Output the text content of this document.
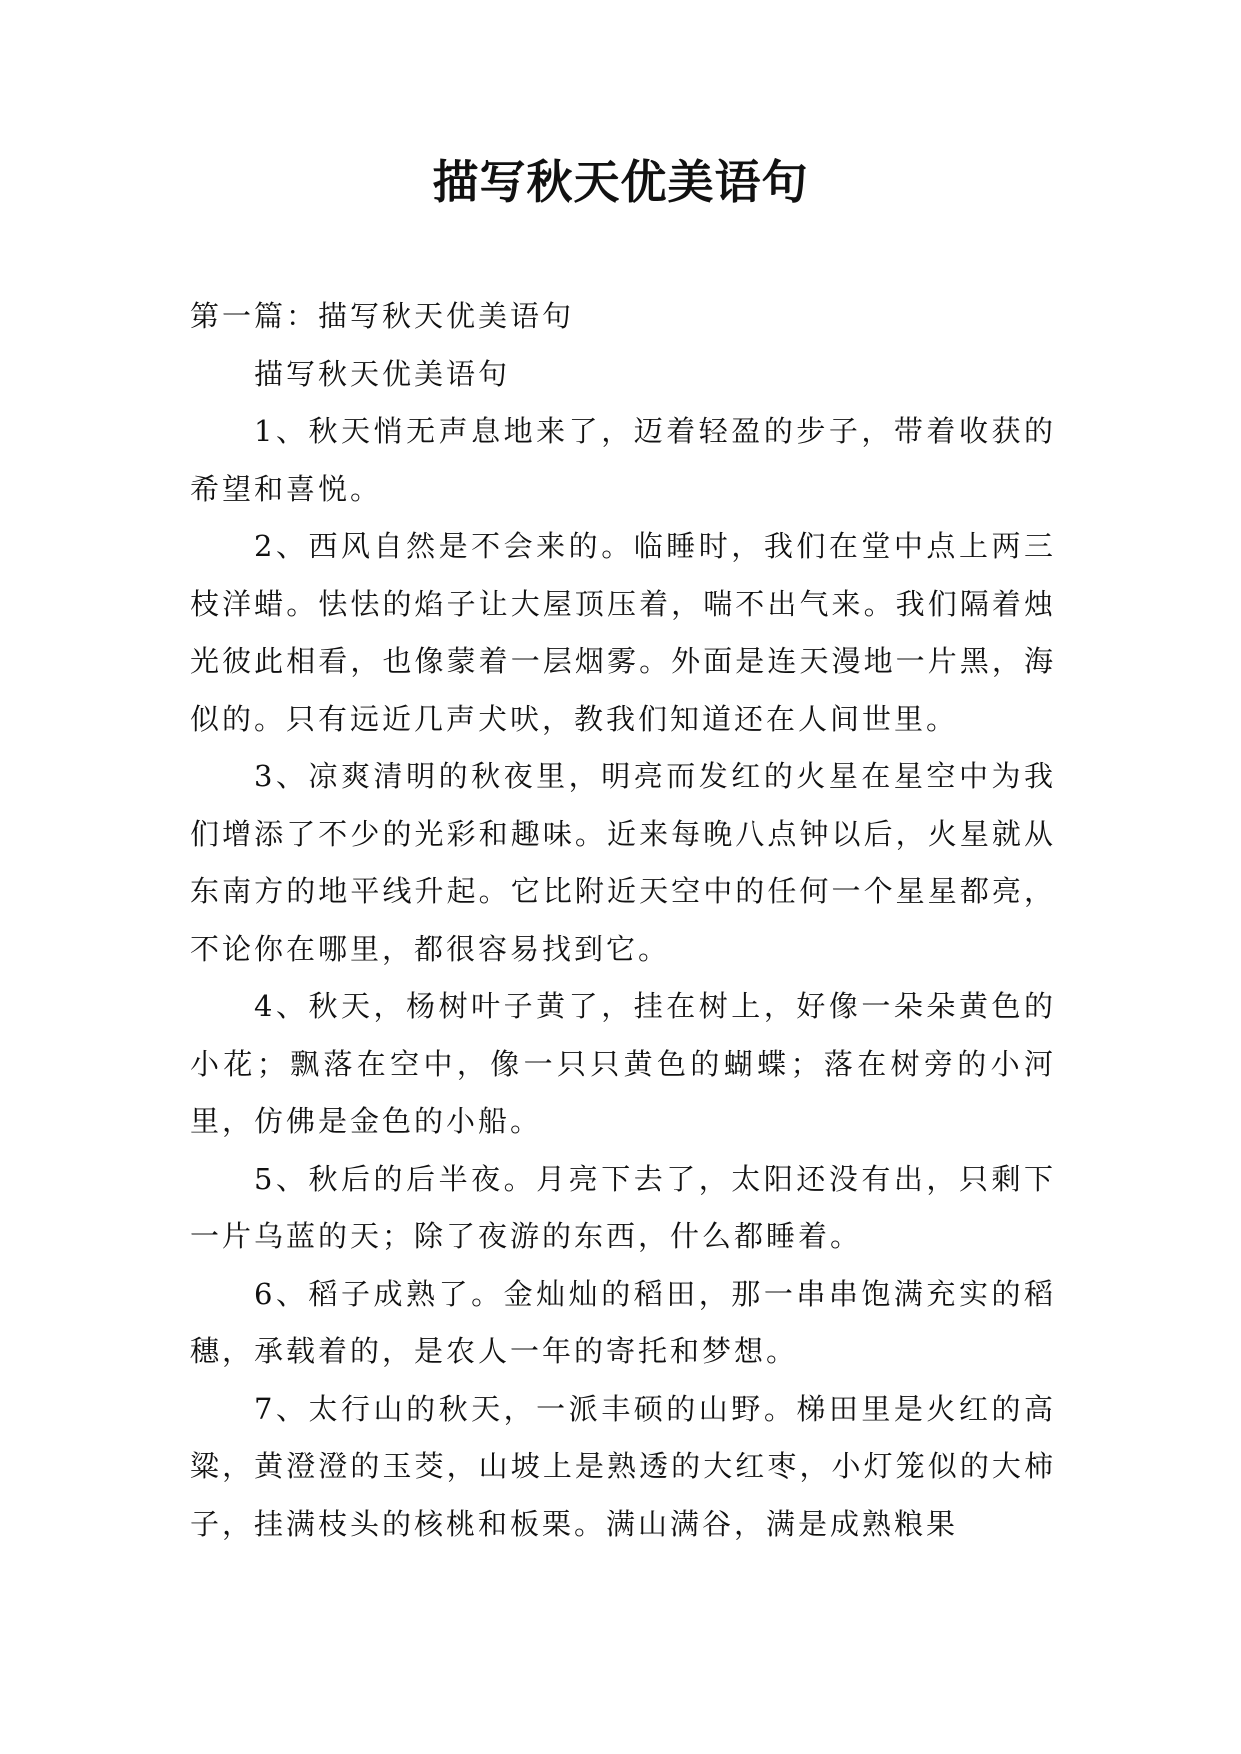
描写秋天优美语句

第一篇：描写秋天优美语句

描写秋天优美语句

1、秋天悄无声息地来了，迈着轻盈的步子，带着收获的希望和喜悦。

2、西风自然是不会来的。临睡时，我们在堂中点上两三枝洋蜡。怯怯的焰子让大屋顶压着，喘不出气来。我们隔着烛光彼此相看，也像蒙着一层烟雾。外面是连天漫地一片黑，海似的。只有远近几声犬吠，教我们知道还在人间世里。

3、凉爽清明的秋夜里，明亮而发红的火星在星空中为我们增添了不少的光彩和趣味。近来每晚八点钟以后，火星就从东南方的地平线升起。它比附近天空中的任何一个星星都亮，不论你在哪里，都很容易找到它。

4、秋天，杨树叶子黄了，挂在树上，好像一朵朵黄色的小花；飘落在空中，像一只只黄色的蝴蝶；落在树旁的小河里，仿佛是金色的小船。

5、秋后的后半夜。月亮下去了，太阳还没有出，只剩下一片乌蓝的天；除了夜游的东西，什么都睡着。

6、稻子成熟了。金灿灿的稻田，那一串串饱满充实的稻穗，承载着的，是农人一年的寄托和梦想。

7、太行山的秋天，一派丰硕的山野。梯田里是火红的高粱，黄澄澄的玉茭，山坡上是熟透的大红枣，小灯笼似的大柿子，挂满枝头的核桃和板栗。满山满谷，满是成熟粮果
